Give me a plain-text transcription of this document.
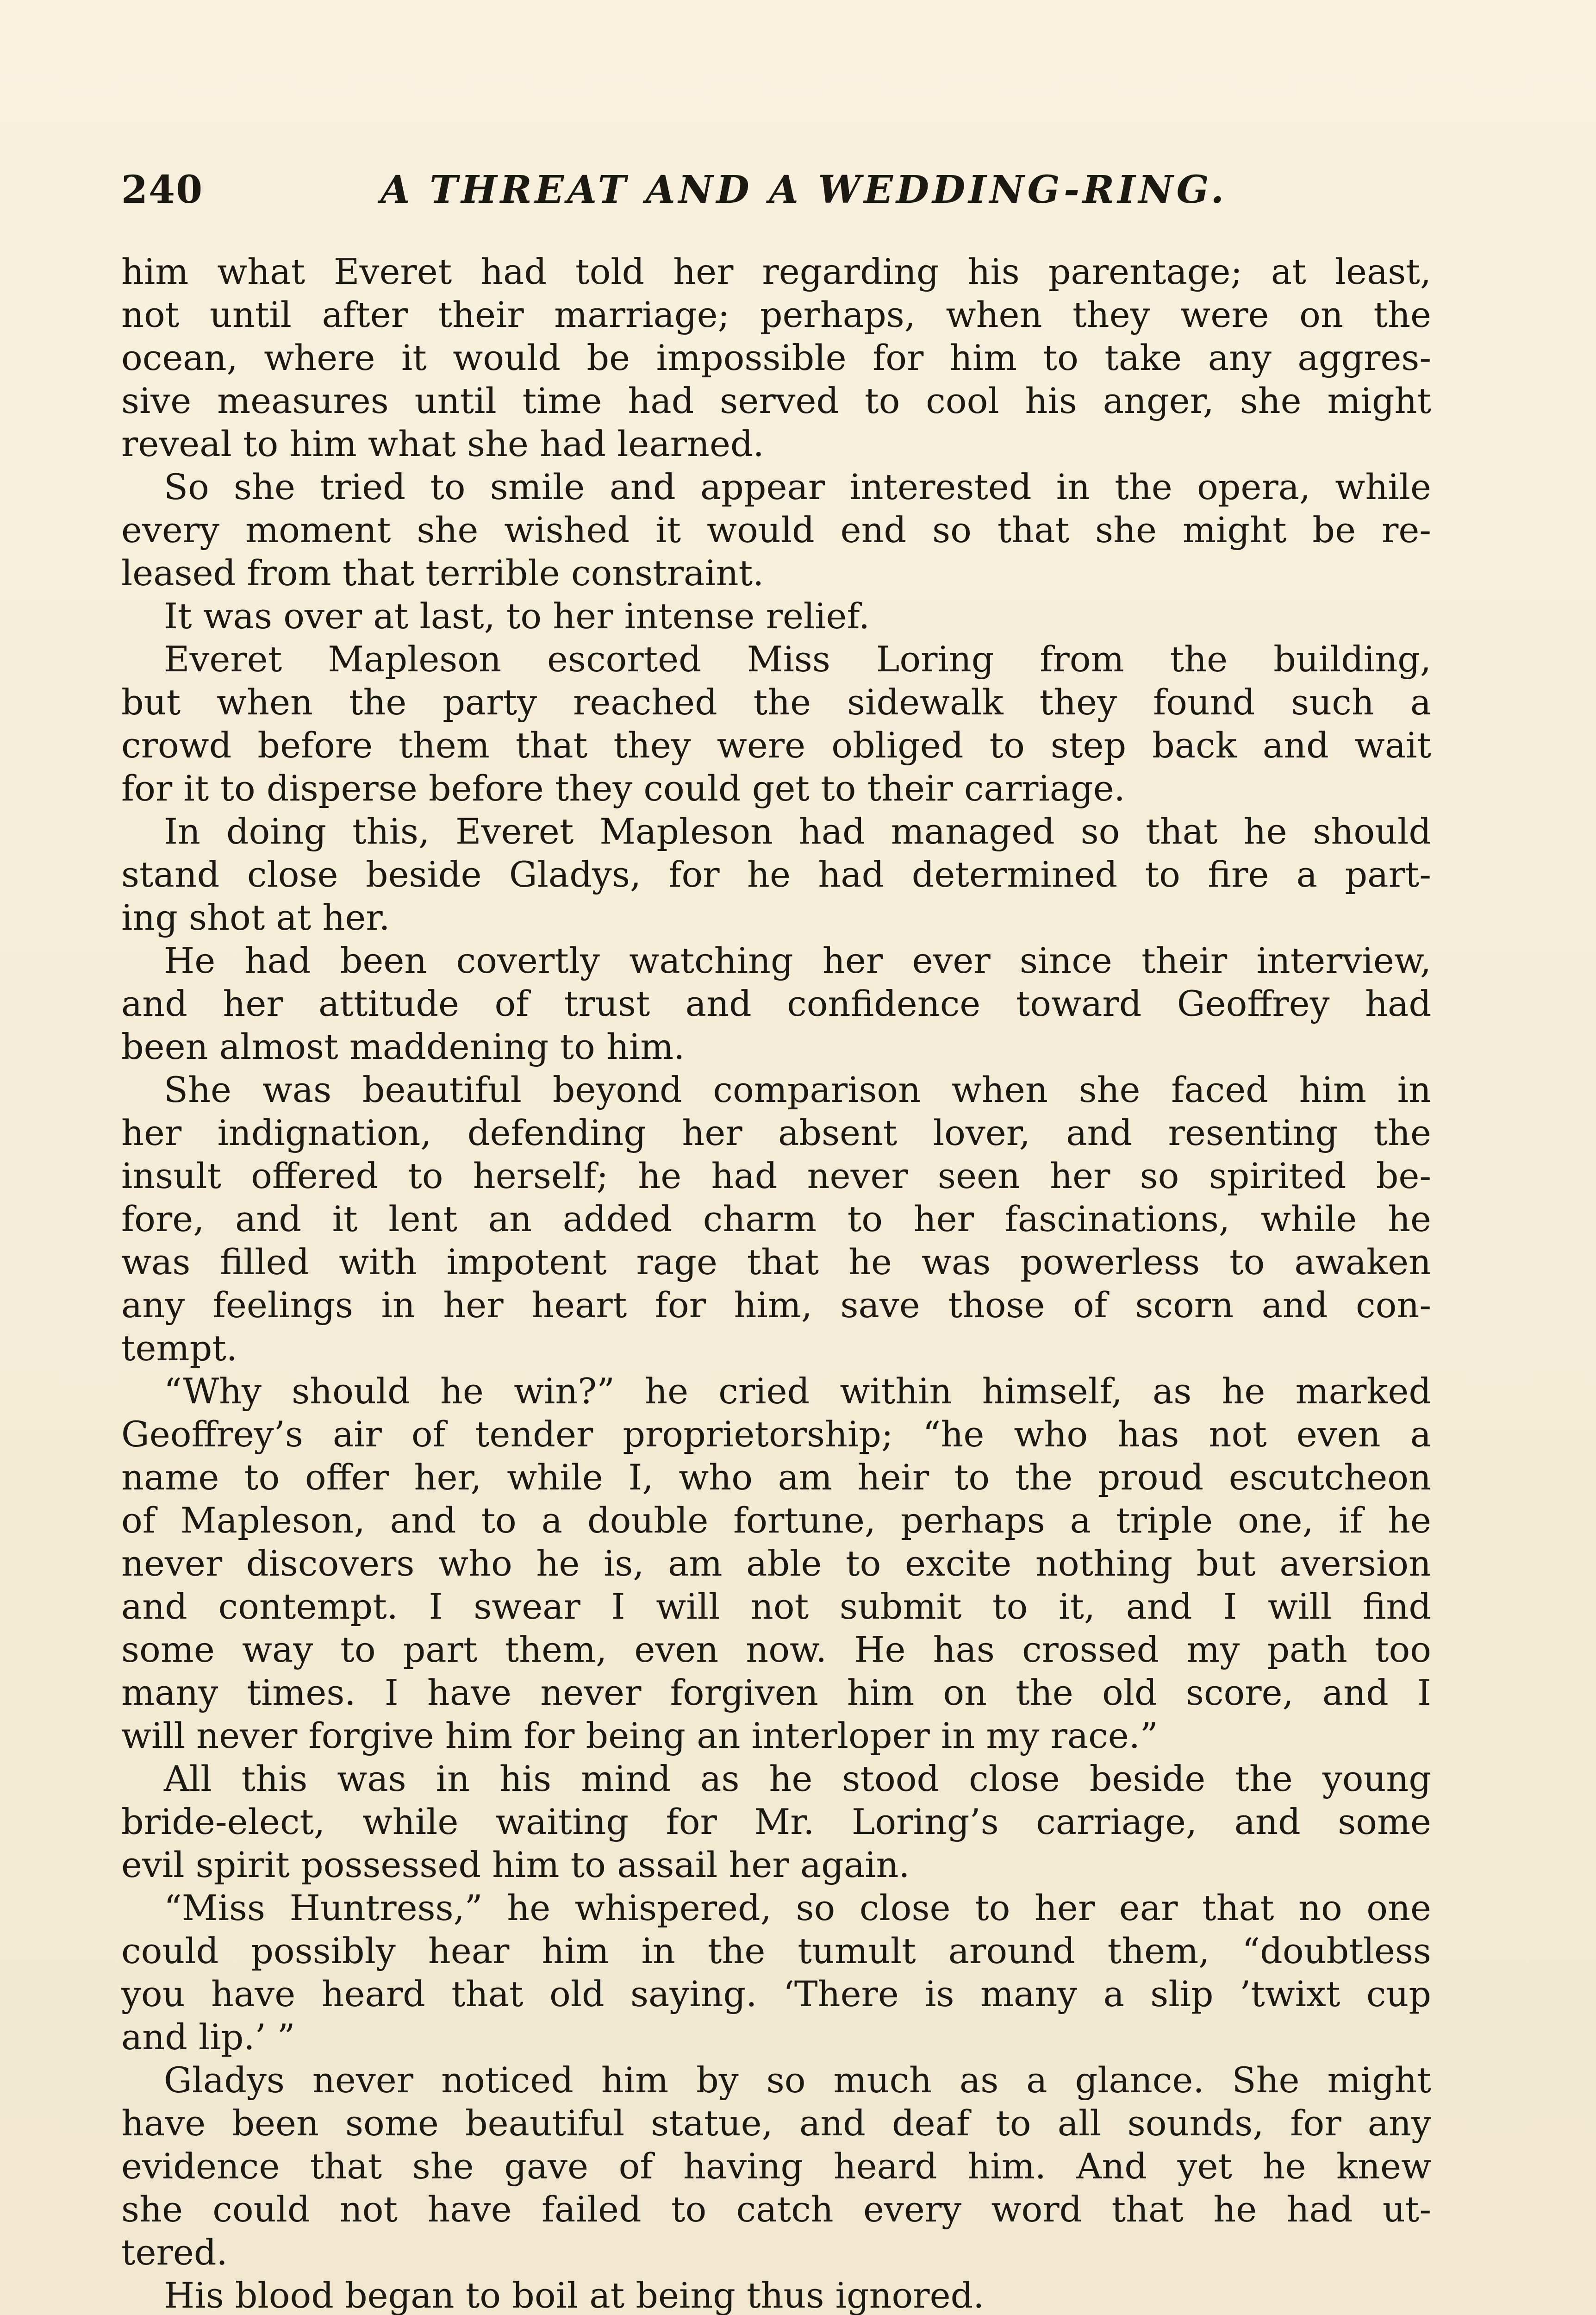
240	A THREAT AND A WEDDING-RING.
him what Everet had told her regarding his parentage; at least,
not until after their marriage; perhaps, when they were on the
ocean, where it would be impossible for him to take any aggres-
sive measures until time had served to cool his anger, she might
reveal to him what she had learned.
So she tried to smile and appear interested in the opera, while
every moment she wished it would end so that she might be re-
leased from that terrible constraint.
It was over at last, to her intense relief.
Everet Mapleson escorted Miss Loring from the building,
but when the party reached the sidewalk they found such a
crowd before them that they were obliged to step back and wait
for it to disperse before they could get to their carriage.
In doing this, Everet Mapleson had managed so that he should
stand close beside Gladys, for he had determined to fire a part-
ing shot at her.
He had been covertly watching her ever since their interview,
and her attitude of trust and confidence toward Geoffrey had
been almost maddening to him.
She was beautiful beyond comparison when she faced him in
her indignation, defending her absent lover, and resenting the
insult offered to herself; he had never seen her so spirited be-
fore, and it lent an added charm to her fascinations, while he
was filled with impotent rage that he was powerless to awaken
any feelings in her heart for him, save those of scorn and con-
tempt.
“Why should he win?” he cried within himself, as he marked
Geoffrey’s air of tender proprietorship; “he who has not even a
name to offer her, while I, who am heir to the proud escutcheon
of Mapleson, and to a double fortune, perhaps a triple one, if he
never discovers who he is, am able to excite nothing but aversion
and contempt. I swear I will not submit to it, and I will find
some way to part them, even now. He has crossed my path too
many times. I have never forgiven him on the old score, and I
will never forgive him for being an interloper in my race.”
All this was in his mind as he stood close beside the young
bride-elect, while waiting for Mr. Loring’s carriage, and some
evil spirit possessed him to assail her again.
“Miss Huntress,” he whispered, so close to her ear that no one
could possibly hear him in the tumult around them, “doubtless
you have heard that old saying. ‘There is many a slip ’twixt cup
and lip.’ ”
Gladys never noticed him by so much as a glance. She might
have been some beautiful statue, and deaf to all sounds, for any
evidence that she gave of having heard him. And yet he knew
she could not have failed to catch every word that he had ut-
tered.
His blood began to boil at being thus ignored.
